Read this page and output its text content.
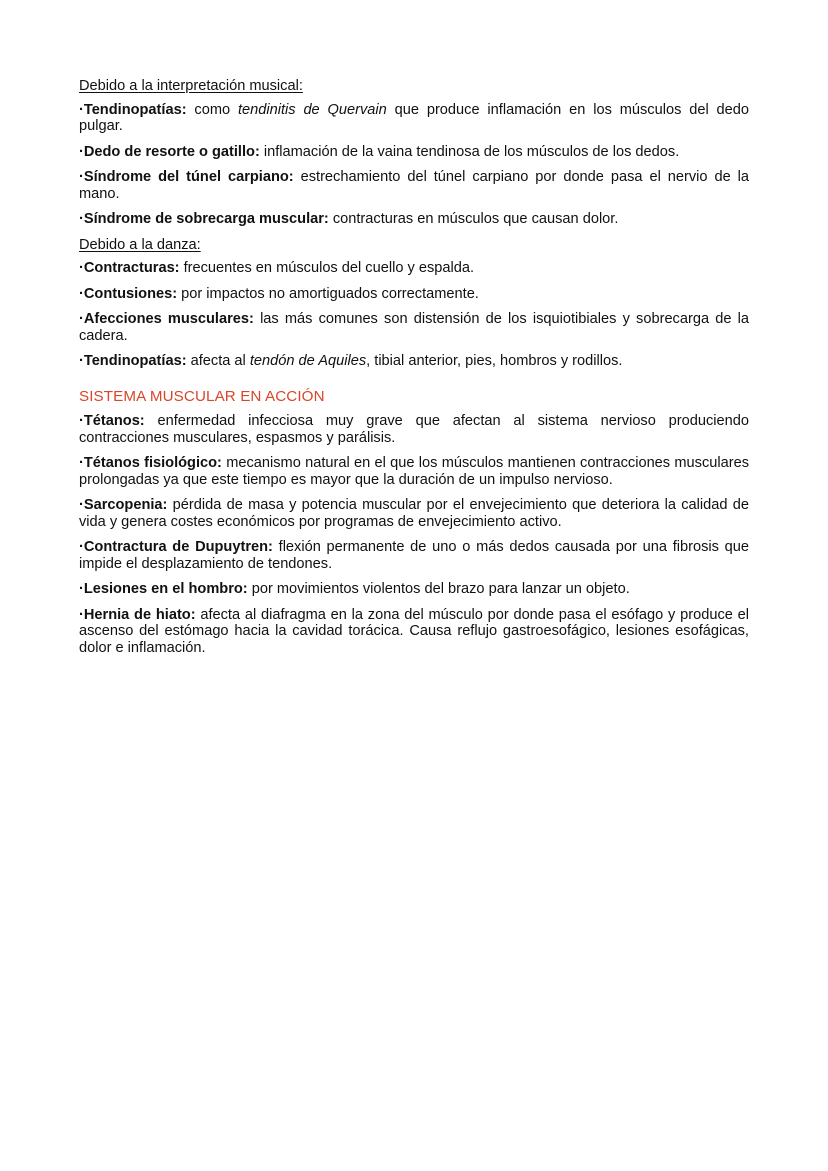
Debido a la interpretación musical:

·Tendinopatías: como tendinitis de Quervain que produce inflamación en los músculos del dedo pulgar.

·Dedo de resorte o gatillo: inflamación de la vaina tendinosa de los músculos de los dedos.

·Síndrome del túnel carpiano: estrechamiento del túnel carpiano por donde pasa el nervio de la mano.

·Síndrome de sobrecarga muscular: contracturas en músculos que causan dolor.

Debido a la danza:

·Contracturas: frecuentes en músculos del cuello y espalda.

·Contusiones: por impactos no amortiguados correctamente.

·Afecciones musculares: las más comunes son distensión de los isquiotibiales y sobrecarga de la cadera.

·Tendinopatías: afecta al tendón de Aquiles, tibial anterior, pies, hombros y rodillos.

SISTEMA MUSCULAR EN ACCIÓN

·Tétanos: enfermedad infecciosa muy grave que afectan al sistema nervioso produciendo contracciones musculares, espasmos y parálisis.

·Tétanos fisiológico: mecanismo natural en el que los músculos mantienen contracciones musculares prolongadas ya que este tiempo es mayor que la duración de un impulso nervioso.

·Sarcopenia: pérdida de masa y potencia muscular por el envejecimiento que deteriora la calidad de vida y genera costes económicos por programas de envejecimiento activo.

·Contractura de Dupuytren: flexión permanente de uno o más dedos causada por una fibrosis que impide el desplazamiento de tendones.

·Lesiones en el hombro: por movimientos violentos del brazo para lanzar un objeto.

·Hernia de hiato: afecta al diafragma en la zona del músculo por donde pasa el esófago y produce el ascenso del estómago hacia la cavidad torácica. Causa reflujo gastroesofágico, lesiones esofágicas, dolor e inflamación.
